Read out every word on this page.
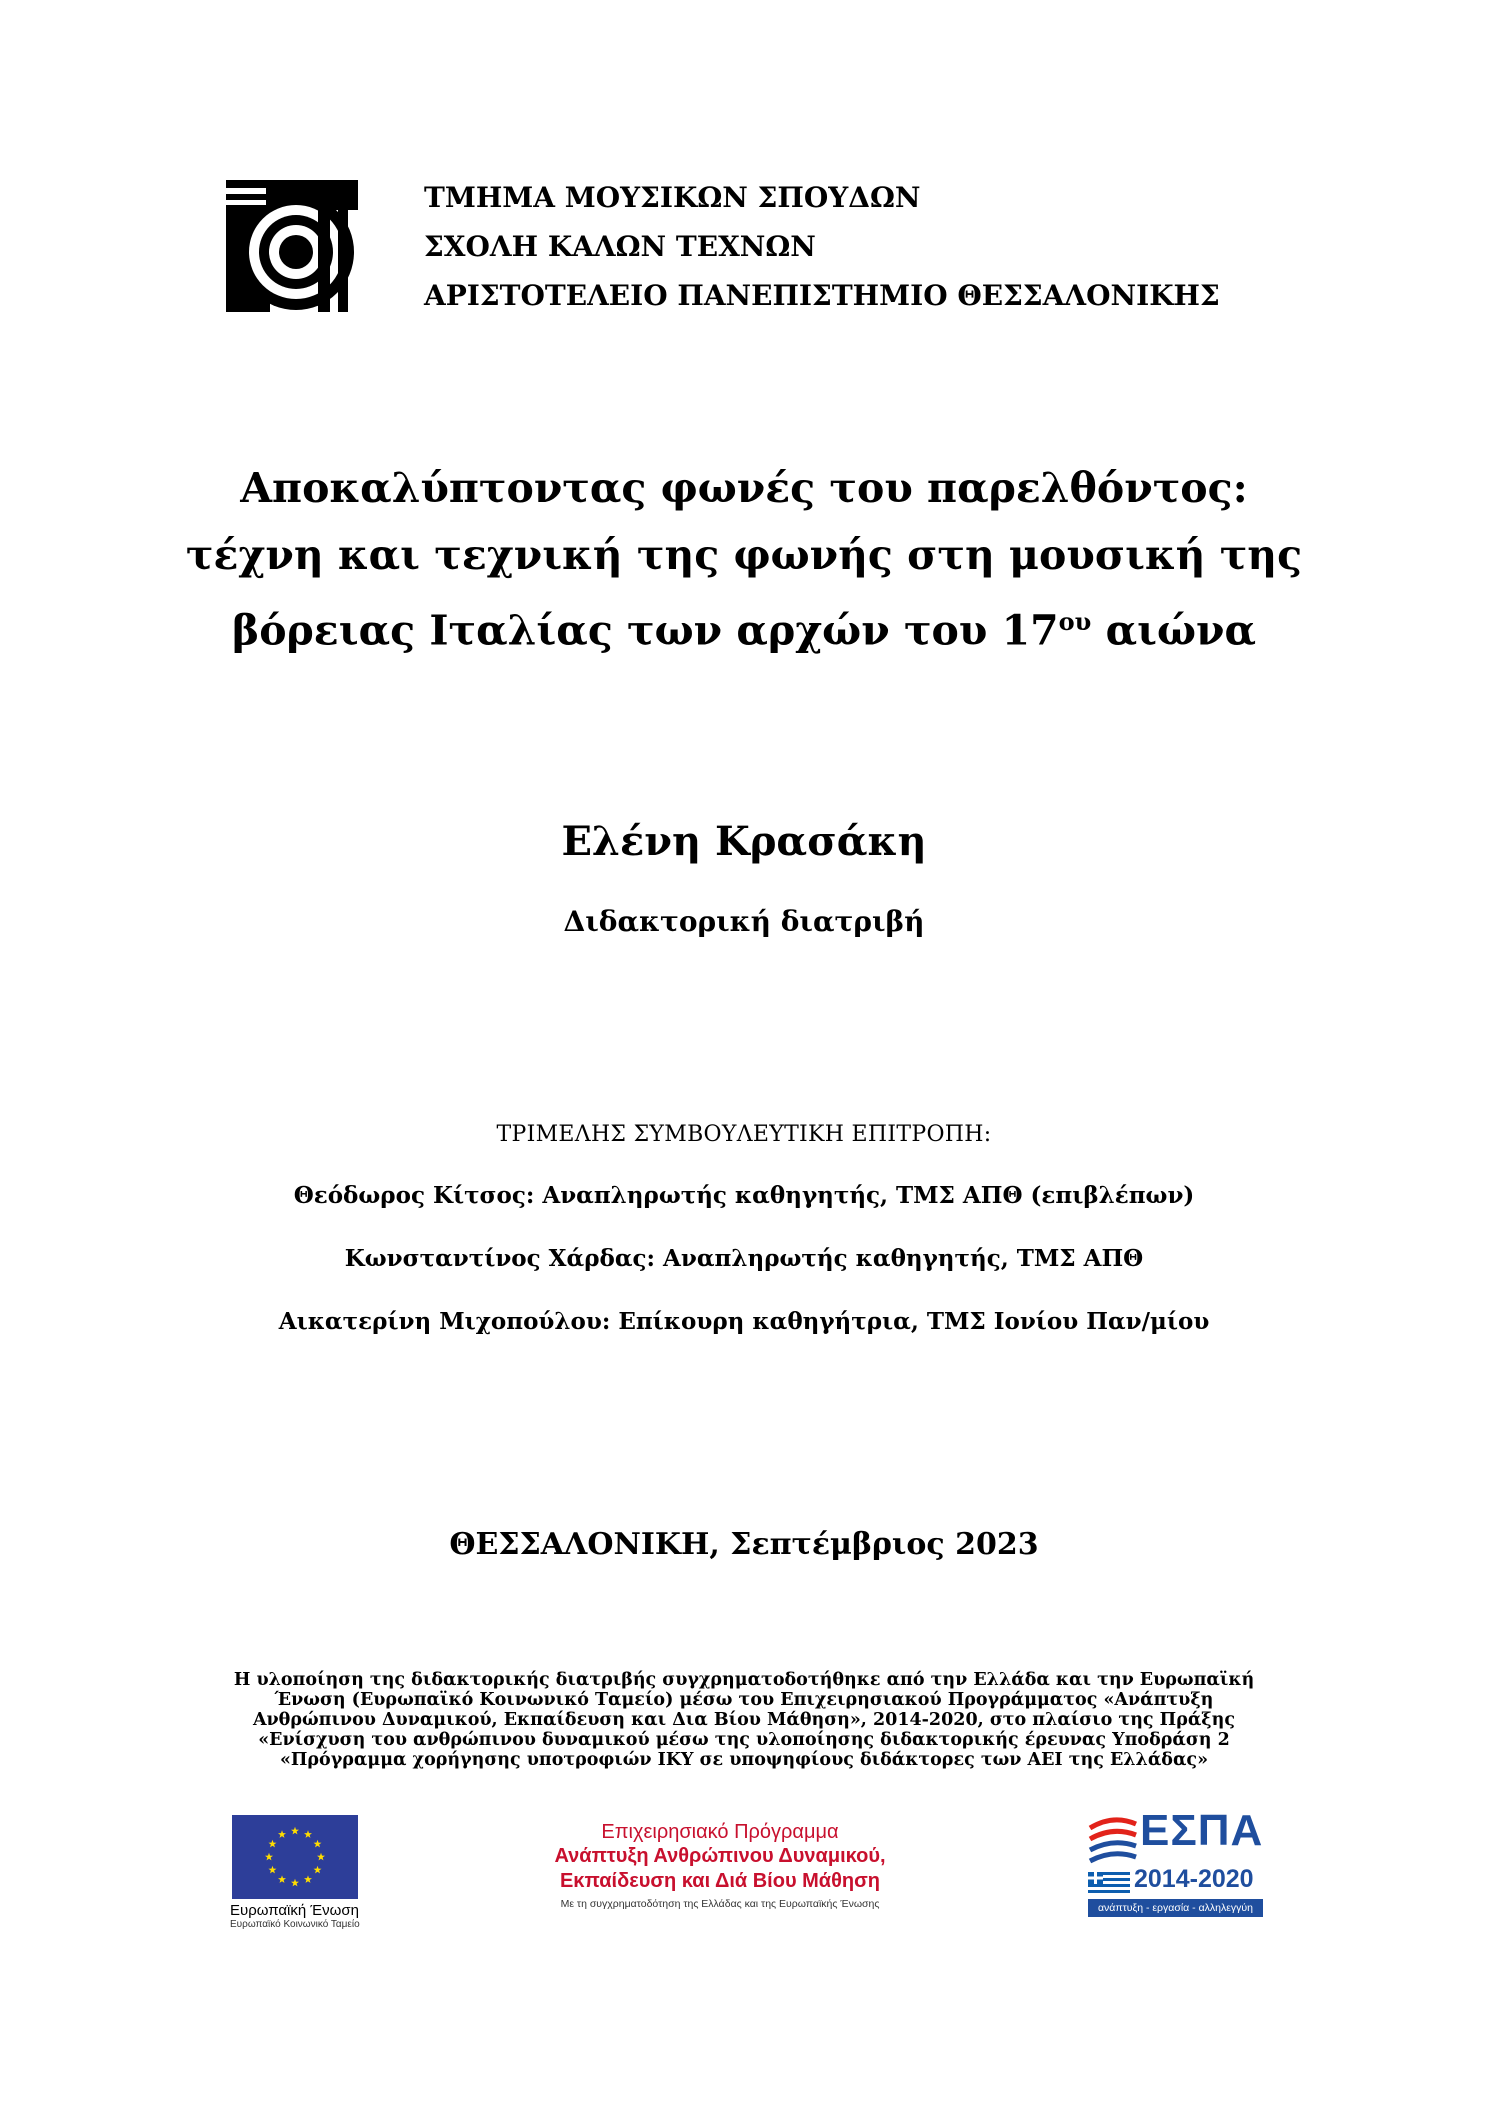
ΤΜΗΜΑ ΜΟΥΣΙΚΩΝ ΣΠΟΥΔΩΝ
ΣΧΟΛΗ ΚΑΛΩΝ ΤΕΧΝΩΝ
ΑΡΙΣΤΟΤΕΛΕΙΟ ΠΑΝΕΠΙΣΤΗΜΙΟ ΘΕΣΣΑΛΟΝΙΚΗΣ
Αποκαλύπτοντας φωνές του παρελθόντος:
τέχνη και τεχνική της φωνής στη μουσική της
βόρειας Ιταλίας των αρχών του $17^{o\upsilon}$ αιώνα
Ελένη Κρασάκη
Διδακτορική διατριβή
ΤΡΙΜΕΛΗΣ ΣΥΜΒΟΥΛΕΥΤΙΚΗ ΕΠΙΤΡΟΠΗ:
Θεόδωρος Κίτσος: Αναπληρωτής καθηγητής, ΤΜΣ ΑΠΘ (επιβλέπων)
Κωνσταντίνος Χάρδας: Αναπληρωτής καθηγητής, ΤΜΣ ΑΠΘ
Αικατερίνη Μιχοπούλου: Επίκουρη καθηγήτρια, ΤΜΣ Ιονίου Παν/μίου
ΘΕΣΣΑΛΟΝΙΚΗ, Σεπτέμβριος 2023
Η υλοποίηση της διδακτορικής διατριβής συγχρηματοδοτήθηκε από την Ελλάδα και την Ευρωπαϊκή
Ένωση (Ευρωπαϊκό Κοινωνικό Ταμείο) μέσω του Επιχειρησιακού Προγράμματος «Ανάπτυξη
Ανθρώπινου Δυναμικού, Εκπαίδευση και Δια Βίου Μάθηση», 2014-2020, στο πλαίσιο της Πράξης
«Ενίσχυση του ανθρώπινου δυναμικού μέσω της υλοποίησης διδακτορικής έρευνας Υποδράση 2
«Πρόγραμμα χορήγησης υποτροφιών ΙΚΥ σε υποψηφίους διδάκτορες των ΑΕΙ της Ελλάδας»
Ευρωπαϊκή Ένωση
Ευρωπαϊκό Κοινωνικό Ταμείο
Επιχειρησιακό Πρόγραμμα
Ανάπτυξη Ανθρώπινου Δυναμικού,
Εκπαίδευση και Διά Βίου Μάθηση
Με τη συγχρηματοδότηση της Ελλάδας και της Ευρωπαϊκής Ένωσης
ΕΣΠΑ
2014-2020
ανάπτυξη - εργασία - αλληλεγγύη
